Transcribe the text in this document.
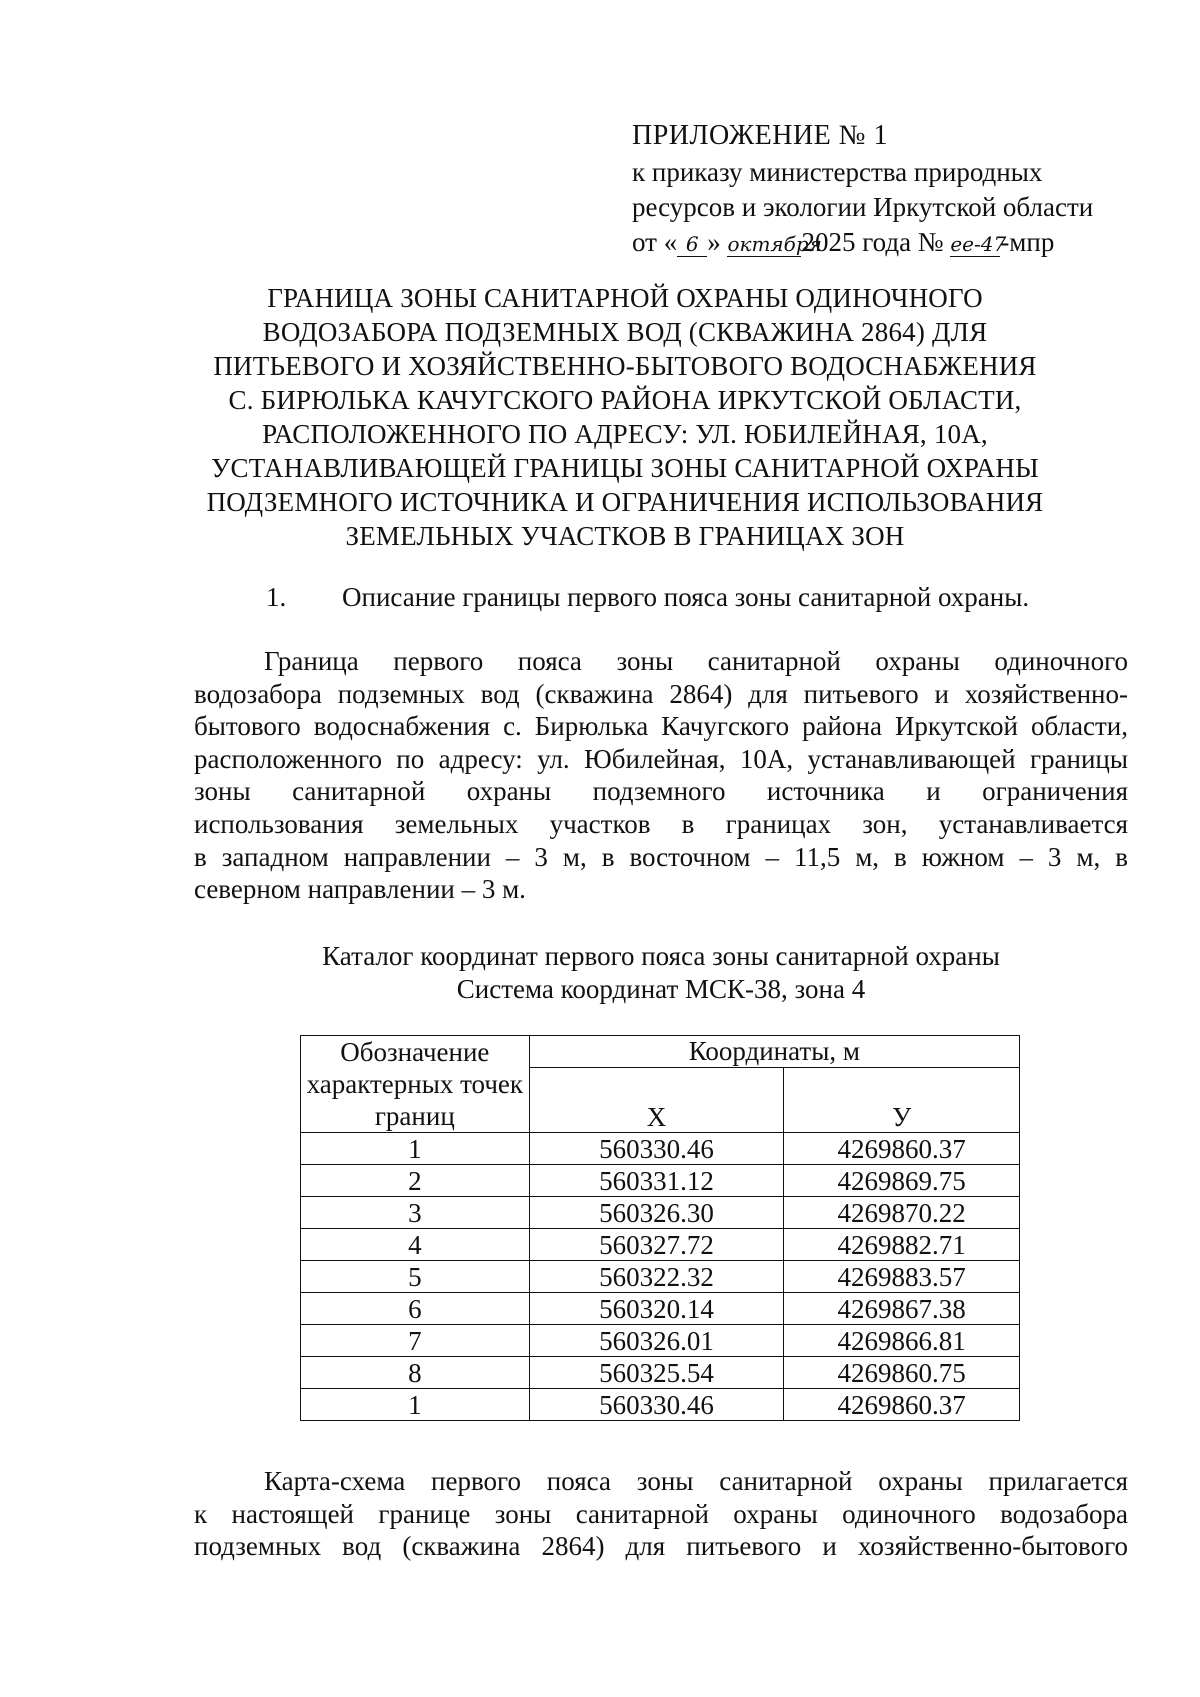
ПРИЛОЖЕНИЕ № 1
к приказу министерства природных
ресурсов и экологии Иркутской области
от « 6 » октября2025 года № ее-47-мпр
ГРАНИЦА ЗОНЫ САНИТАРНОЙ ОХРАНЫ ОДИНОЧНОГО
ВОДОЗАБОРА ПОДЗЕМНЫХ ВОД (СКВАЖИНА 2864) ДЛЯ
ПИТЬЕВОГО И ХОЗЯЙСТВЕННО-БЫТОВОГО ВОДОСНАБЖЕНИЯ
С. БИРЮЛЬКА КАЧУГСКОГО РАЙОНА ИРКУТСКОЙ ОБЛАСТИ,
РАСПОЛОЖЕННОГО ПО АДРЕСУ: УЛ. ЮБИЛЕЙНАЯ, 10А,
УСТАНАВЛИВАЮЩЕЙ ГРАНИЦЫ ЗОНЫ САНИТАРНОЙ ОХРАНЫ
ПОДЗЕМНОГО ИСТОЧНИКА И ОГРАНИЧЕНИЯ ИСПОЛЬЗОВАНИЯ
ЗЕМЕЛЬНЫХ УЧАСТКОВ В ГРАНИЦАХ ЗОН
1. Описание границы первого пояса зоны санитарной охраны.
Граница первого пояса зоны санитарной охраны одиночного
водозабора подземных вод (скважина 2864) для питьевого и хозяйственно-
бытового водоснабжения с. Бирюлька Качугского района Иркутской области,
расположенного по адресу: ул. Юбилейная, 10А, устанавливающей границы
зоны санитарной охраны подземного источника и ограничения
использования земельных участков в границах зон, устанавливается
в западном направлении – 3 м, в восточном – 11,5 м, в южном – 3 м, в
северном направлении – 3 м.
Каталог координат первого пояса зоны санитарной охраны
Система координат МСК-38, зона 4
Обозначение характерных точек границ	Координаты, м	
	X	У
1	560330.46	4269860.37
2	560331.12	4269869.75
3	560326.30	4269870.22
4	560327.72	4269882.71
5	560322.32	4269883.57
6	560320.14	4269867.38
7	560326.01	4269866.81
8	560325.54	4269860.75
1	560330.46	4269860.37
Карта-схема первого пояса зоны санитарной охраны прилагается
к настоящей границе зоны санитарной охраны одиночного водозабора
подземных вод (скважина 2864) для питьевого и хозяйственно-бытового
